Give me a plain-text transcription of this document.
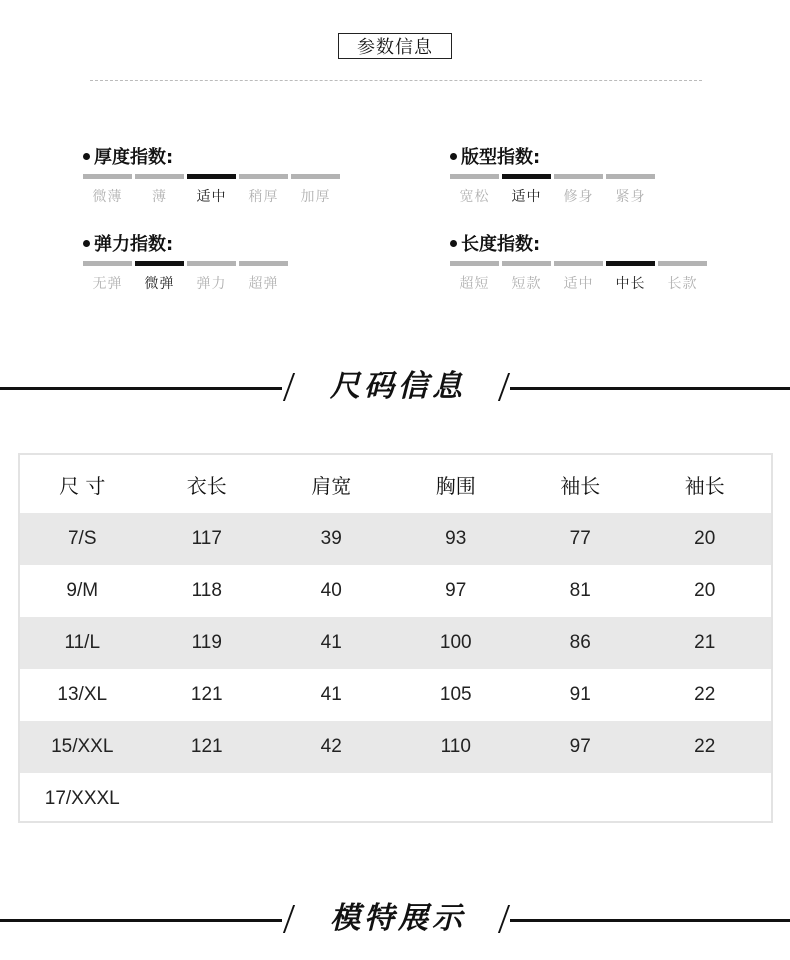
参数信息
厚度指数:
微薄 薄 适中 稍厚 加厚
版型指数:
宽松 适中 修身 紧身
弹力指数:
无弹 微弹 弹力 超弹
长度指数:
超短 短款 适中 中长 长款
尺码信息
尺 寸	衣长	肩宽	胸围	袖长	袖长
7/S	117	39	93	77	20
9/M	118	40	97	81	20
11/L	119	41	100	86	21
13/XL	121	41	105	91	22
15/XXL	121	42	110	97	22
17/XXXL
模特展示
